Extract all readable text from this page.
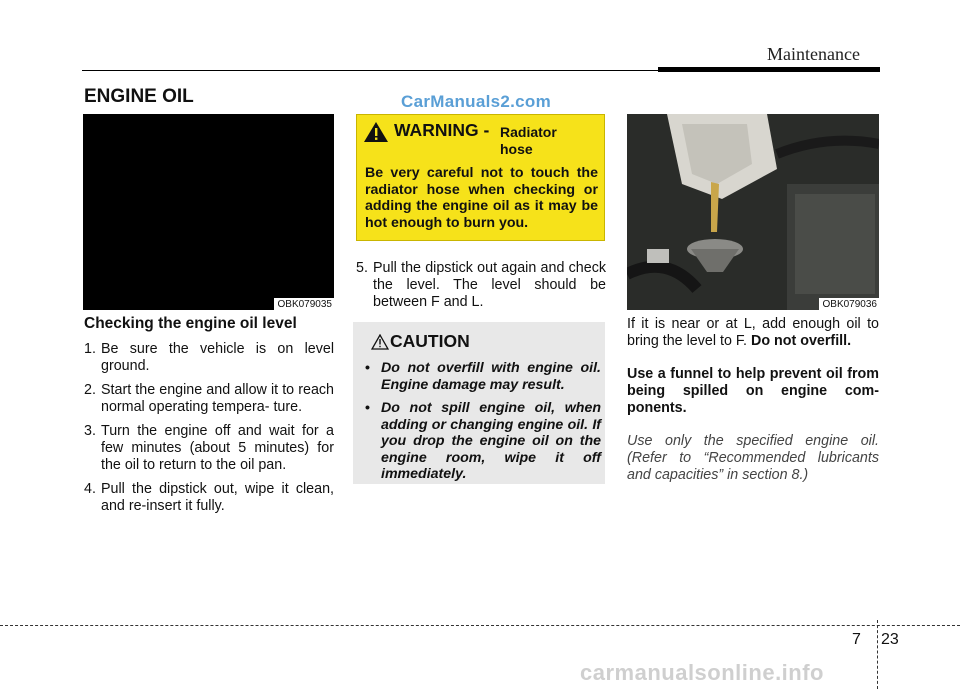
Maintenance
ENGINE OIL	CarManuals2.com
OBK079035
Checking the engine oil level
1. Be sure the vehicle is on level ground.
2. Start the engine and allow it to reach normal operating tempera- ture.
3. Turn the engine off and wait for a few minutes (about 5 minutes) for the oil to return to the oil pan.
4. Pull the dipstick out, wipe it clean, and re-insert it fully.
WARNING - Radiator hose
Be very careful not to touch the radiator hose when checking or adding the engine oil as it may be hot enough to burn you.
5. Pull the dipstick out again and check the level. The level should be between F and L.
CAUTION
• Do not overfill with engine oil. Engine damage may result.
• Do not spill engine oil, when adding or changing engine oil. If you drop the engine oil on the engine room, wipe it off immediately.
OBK079036

If it is near or at L, add enough oil to bring the level to F. Do not overfill.

Use a funnel to help prevent oil from being spilled on engine com- ponents.

Use only the specified engine oil. (Refer to “Recommended lubricants and capacities” in section 8.)

7 23
carmanualsonline.info
